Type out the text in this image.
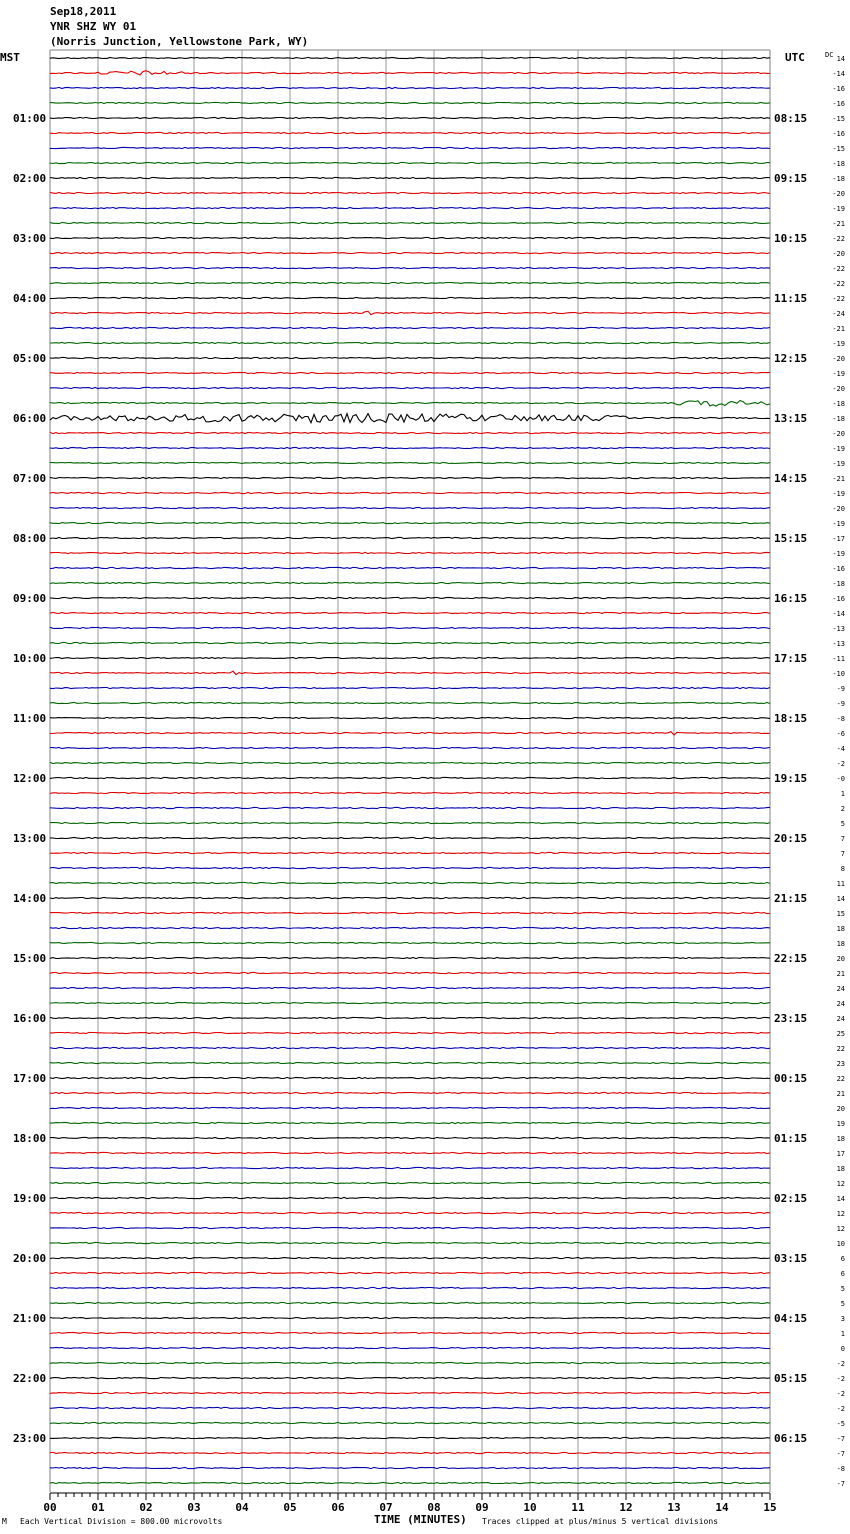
Sep18,2011
YNR SHZ WY 01
(Norris Junction, Yellowstone Park, WY)
01:00
02:00
03:00
04:00
05:00
06:00
07:00
08:00
09:00
10:00
11:00
12:00
13:00
14:00
15:00
16:00
17:00
18:00
19:00
20:00
21:00
22:00
23:00
08:15
09:15
10:15
11:15
12:15
13:15
14:15
15:15
16:15
17:15
18:15
19:15
20:15
21:15
22:15
23:15
00:15
01:15
02:15
03:15
04:15
05:15
06:15
14
-14
-16
-16
-15
-16
-15
-18
-18
-20
-19
-21
-22
-20
-22
-22
-22
-24
-21
-19
-20
-19
-20
-18
-18
-20
-19
-19
-21
-19
-20
-19
-17
-19
-16
-18
-16
-14
-13
-13
-11
-10
-9
-9
-8
-6
-4
-2
-0
1
2
5
7
7
8
11
14
15
18
18
20
21
24
24
24
25
22
23
22
21
20
19
18
17
18
12
14
12
12
10
6
6
5
5
3
1
0
-2
-2
-2
-2
-5
-7
-7
-8
-7
00	01	02	03	04	05	06	07	08	09	10	11	12	13	14	15
MST	UTC	DC
M Each Vertical Division = 800.00 microvolts	TIME (MINUTES) Traces clipped at plus/minus 5 vertical divisions
